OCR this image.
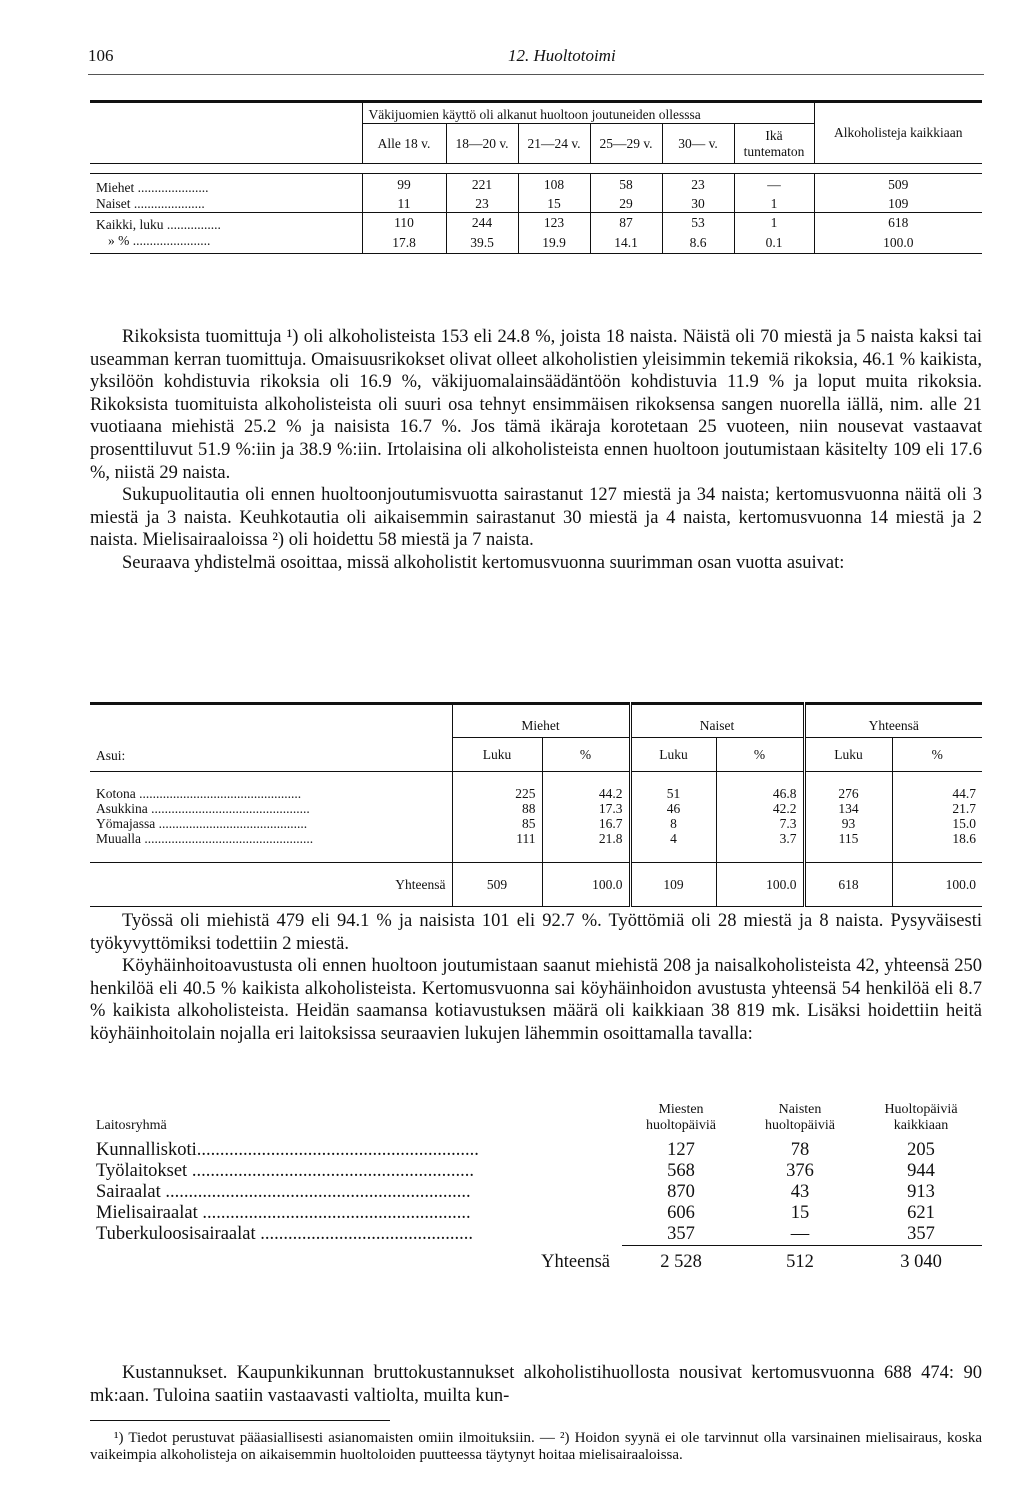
106	12. Huoltotoimi
	Väkijuomien käyttö oli alkanut huoltoon joutuneiden ollesssa						Alkoholisteja kaikkiaan
	Alle 18 v.	18—20 v.	21—24 v.	25—29 v.	30— v.	Ikä tuntematon	

Miehet .....................	99	221	108	58	23	—	509
Naiset .....................	11	23	15	29	30	1	109
Kaikki, luku ................	110	244	123	87	53	1	618
» % .......................	17.8	39.5	19.9	14.1	8.6	0.1	100.0

Rikoksista tuomittuja ¹) oli alkoholisteista 153 eli 24.8 %, joista 18 naista. Näistä oli 70 miestä ja 5 naista kaksi tai useamman kerran tuomittuja. Omaisuusrikokset olivat olleet alkoholistien yleisimmin tekemiä rikoksia, 46.1 % kaikista, yksilöön kohdistuvia rikoksia oli 16.9 %, väkijuomalainsäädäntöön kohdistuvia 11.9 % ja loput muita rikoksia. Rikoksista tuomituista alkoholisteista oli suuri osa tehnyt ensimmäisen rikoksensa sangen nuorella iällä, nim. alle 21 vuotiaana miehistä 25.2 % ja naisista 16.7 %. Jos tämä ikäraja korotetaan 25 vuoteen, niin nousevat vastaavat prosenttiluvut 51.9 %:iin ja 38.9 %:iin. Irtolaisina oli alkoholisteista ennen huoltoon joutumistaan käsitelty 109 eli 17.6 %, niistä 29 naista.

Sukupuolitautia oli ennen huoltoonjoutumisvuotta sairastanut 127 miestä ja 34 naista; kertomusvuonna näitä oli 3 miestä ja 3 naista. Keuhkotautia oli aikaisemmin sairastanut 30 miestä ja 4 naista, kertomusvuonna 14 miestä ja 2 naista. Mielisairaaloissa ²) oli hoidettu 58 miestä ja 7 naista.

Seuraava yhdistelmä osoittaa, missä alkoholistit kertomusvuonna suurimman osan vuotta asuivat:

Asui:	Miehet		Naiset		Yhteensä	
	Luku	%	Luku	%	Luku	%
Kotona ................................................	225	44.2	51	46.8	276	44.7
Asukkina ...............................................	88	17.3	46	42.2	134	21.7
Yömajassa ............................................	85	16.7	8	7.3	93	15.0
Muualla ..................................................	111	21.8	4	3.7	115	18.6
Yhteensä	509	100.0	109	100.0	618	100.0

Työssä oli miehistä 479 eli 94.1 % ja naisista 101 eli 92.7 %. Työttömiä oli 28 miestä ja 8 naista. Pysyväisesti työkyvyttömiksi todettiin 2 miestä.

Köyhäinhoitoavustusta oli ennen huoltoon joutumistaan saanut miehistä 208 ja naisalkoholisteista 42, yhteensä 250 henkilöä eli 40.5 % kaikista alkoholisteista. Kertomusvuonna sai köyhäinhoidon avustusta yhteensä 54 henkilöä eli 8.7 % kaikista alkoholisteista. Heidän saamansa kotiavustuksen määrä oli kaikkiaan 38 819 mk. Lisäksi hoidettiin heitä köyhäinhoitolain nojalla eri laitoksissa seuraavien lukujen lähemmin osoittamalla tavalla:

Laitosryhmä	Miesten huoltopäiviä	Naisten huoltopäiviä	Huoltopäiviä kaikkiaan
Kunnalliskoti.............................................................	127	78	205
Työlaitokset .............................................................	568	376	944
Sairaalat ..................................................................	870	43	913
Mielisairaalat ..........................................................	606	15	621
Tuberkuloosisairaalat ..............................................	357	—	357
Yhteensä	2 528	512	3 040

Kustannukset. Kaupunkikunnan bruttokustannukset alkoholistihuollosta nousivat kertomusvuonna 688 474: 90 mk:aan. Tuloina saatiin vastaavasti valtiolta, muilta kun-

¹) Tiedot perustuvat pääasiallisesti asianomaisten omiin ilmoituksiin. — ²) Hoidon syynä ei ole tarvinnut olla varsinainen mielisairaus, koska vaikeimpia alkoholisteja on aikaisemmin huoltoloiden puutteessa täytynyt hoitaa mielisairaaloissa.
